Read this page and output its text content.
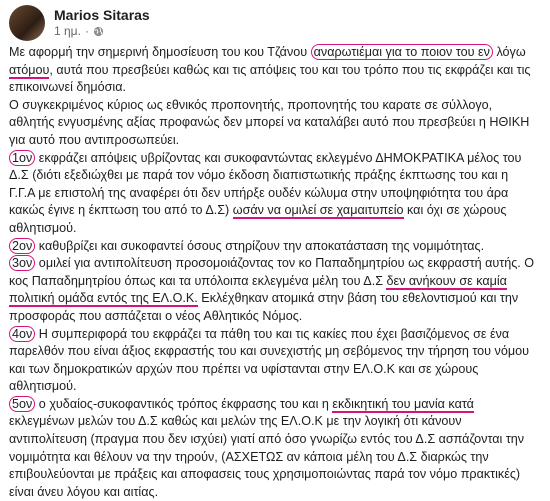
Marios Sitaras
1 ημ. ·

Με αφορμή την σημερινή δημοσίευση του κου Τζάνου αναρωτιέμαι για το ποιον του εν λόγω ατόμου, αυτά που πρεσβεύει καθώς και τις απόψεις του και του τρόπο που τις εκφράζει και τις επικοινωνεί δημόσια.

Ο συγκεκριμένος κύριος ως εθνικός προπονητής, προπονητής του καρατε σε σύλλογο, αθλητής ενγυσμένης αξίας προφανώς δεν μπορεί να καταλάβει αυτό που πρεσβεύει η ΗΘΙΚΗ για αυτό που αντιπροσωπεύει.

1ον εκφράζει απόψεις υβρίζοντας και συκοφαντώντας εκλεγμένο ΔΗΜΟΚΡΑΤΙΚΑ μέλος του Δ.Σ (διότι εξεδιώχθει με παρά τον νόμο έκδοση διαπιστωτικής πράξης έκπτωσης του και η Γ.Γ.Α με επιστολή της αναφέρει ότι δεν υπήρξε ουδέν κώλυμα στην υποψηφιότητα του άρα κακώς έγινε η έκπτωση του από το Δ.Σ) ωσάν να ομιλεί σε χαμαιτυπείο και όχι σε χώρους αθλητισμού.

2ον καθυβρίζει και συκοφαντεί όσους στηρίζουν την αποκατάσταση της νομιμότητας.

3ον ομιλεί για αντιπολίτευση προσομοιάζοντας τον κο Παπαδημητρίου ως εκφραστή αυτής. Ο κος Παπαδημητρίου όπως και τα υπόλοιπα εκλεγμένα μέλη του Δ.Σ δεν ανήκουν σε καμία πολιτική ομάδα εντός της ΕΛ.Ο.Κ. Εκλέχθηκαν ατομικά στην βάση του εθελοντισμού και την προσφοράς που ασπάζεται ο νέος Αθλητικός Νόμος.

4ον Η συμπεριφορά του εκφράζει τα πάθη του και τις κακίες που έχει βασιζόμενος σε ένα παρελθόν που είναι άξιος εκφραστής του και συνεχιστής μη σεβόμενος την τήρηση του νόμου και των δημοκρατικών αρχών που πρέπει να υφίστανται στην ΕΛ.Ο.Κ και σε χώρους αθλητισμού.

5ον ο χυδαίος-συκοφαντικός τρόπος έκφρασης του και η εκδικητική του μανία κατά εκλεγμένων μελών του Δ.Σ καθώς και μελών της ΕΛ.Ο.Κ με την λογική ότι κάνουν αντιπολίτευση (πραγμα που δεν ισχύει) γιατί από όσο γνωρίζω εντός του Δ.Σ ασπάζονται την νομιμότητα και θέλουν να την τηρούν, (ΑΣΧΕΤΩΣ αν κάποια μέλη του Δ.Σ διαρκώς την επιβουλεύονται με πράξεις και αποφασεις τους χρησιμοποιώντας παρά τον νόμο πρακτικές) είναι άνευ λόγου και αιτίας.
